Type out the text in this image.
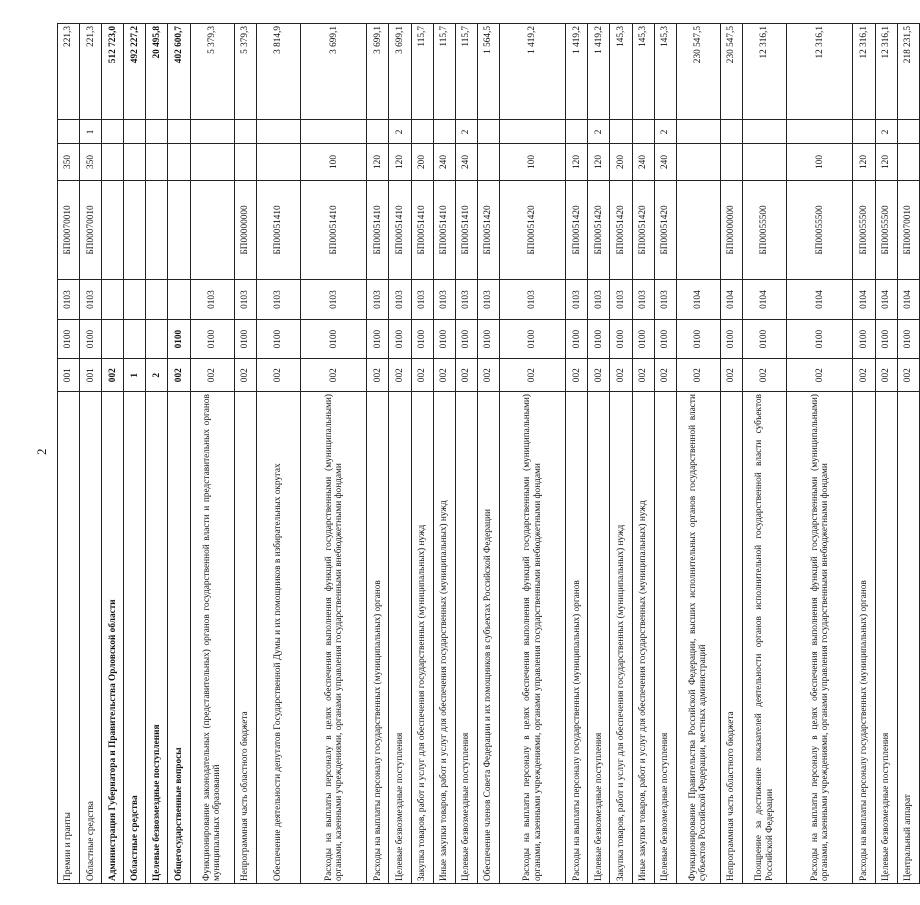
2
Премии и гранты	001	0100	0103	БП00070010	350		221,3
Областные средства	001	0100	0103	БП00070010	350	1	221,3
Администрация Губернатора и Правительства Орловской области	002						512 723,0
Областные средства	1						492 227,2
Целевые безвозмездные поступления	2						20 495,8
Общегосударственные вопросы	002	0100					402 600,7
Функционирование законодательных (представительных) органов государственной власти и представительных органов муниципальных образований	002	0100	0103				5 379,3
Непрограммная часть областного бюджета	002	0100	0103	БП00000000			5 379,3
Обеспечение деятельности депутатов Государственной Думы и их помощников в избирательных округах	002	0100	0103	БП00051410			3 814,9
Расходы на выплаты персоналу в целях обеспечения выполнения функций государственными (муниципальными) органами, казенными учреждениями, органами управления государственными внебюджетными фондами	002	0100	0103	БП00051410	100		3 699,1
Расходы на выплаты персоналу государственных (муниципальных) органов	002	0100	0103	БП00051410	120		3 699,1
Целевые безвозмездные поступления	002	0100	0103	БП00051410	120	2	3 699,1
Закупка товаров, работ и услуг для обеспечения государственных (муниципальных) нужд	002	0100	0103	БП00051410	200		115,7
Иные закупки товаров, работ и услуг для обеспечения государственных (муниципальных) нужд	002	0100	0103	БП00051410	240		115,7
Целевые безвозмездные поступления	002	0100	0103	БП00051410	240	2	115,7
Обеспечение членов Совета Федерации и их помощников в субъектах Российской Федерации	002	0100	0103	БП00051420			1 564,5
Расходы на выплаты персоналу в целях обеспечения выполнения функций государственными (муниципальными) органами, казенными учреждениями, органами управления государственными внебюджетными фондами	002	0100	0103	БП00051420	100		1 419,2
Расходы на выплаты персоналу государственных (муниципальных) органов	002	0100	0103	БП00051420	120		1 419,2
Целевые безвозмездные поступления	002	0100	0103	БП00051420	120	2	1 419,2
Закупка товаров, работ и услуг для обеспечения государственных (муниципальных) нужд	002	0100	0103	БП00051420	200		145,3
Иные закупки товаров, работ и услуг для обеспечения государственных (муниципальных) нужд	002	0100	0103	БП00051420	240		145,3
Целевые безвозмездные поступления	002	0100	0103	БП00051420	240	2	145,3
Функционирование Правительства Российской Федерации, высших исполнительных органов государственной власти субъектов Российской Федерации, местных администраций	002	0100	0104				230 547,5
Непрограммная часть областного бюджета	002	0100	0104	БП00000000			230 547,5
Поощрение за достижение показателей деятельности органов исполнительной государственной власти субъектов Российской Федерации	002	0100	0104	БП00055500			12 316,1
Расходы на выплаты персоналу в целях обеспечения выполнения функций государственными (муниципальными) органами, казенными учреждениями, органами управления государственными внебюджетными фондами	002	0100	0104	БП00055500	100		12 316,1
Расходы на выплаты персоналу государственных (муниципальных) органов	002	0100	0104	БП00055500	120		12 316,1
Целевые безвозмездные поступления	002	0100	0104	БП00055500	120	2	12 316,1
Центральный аппарат	002	0100	0104	БП00070010			218 231,5
